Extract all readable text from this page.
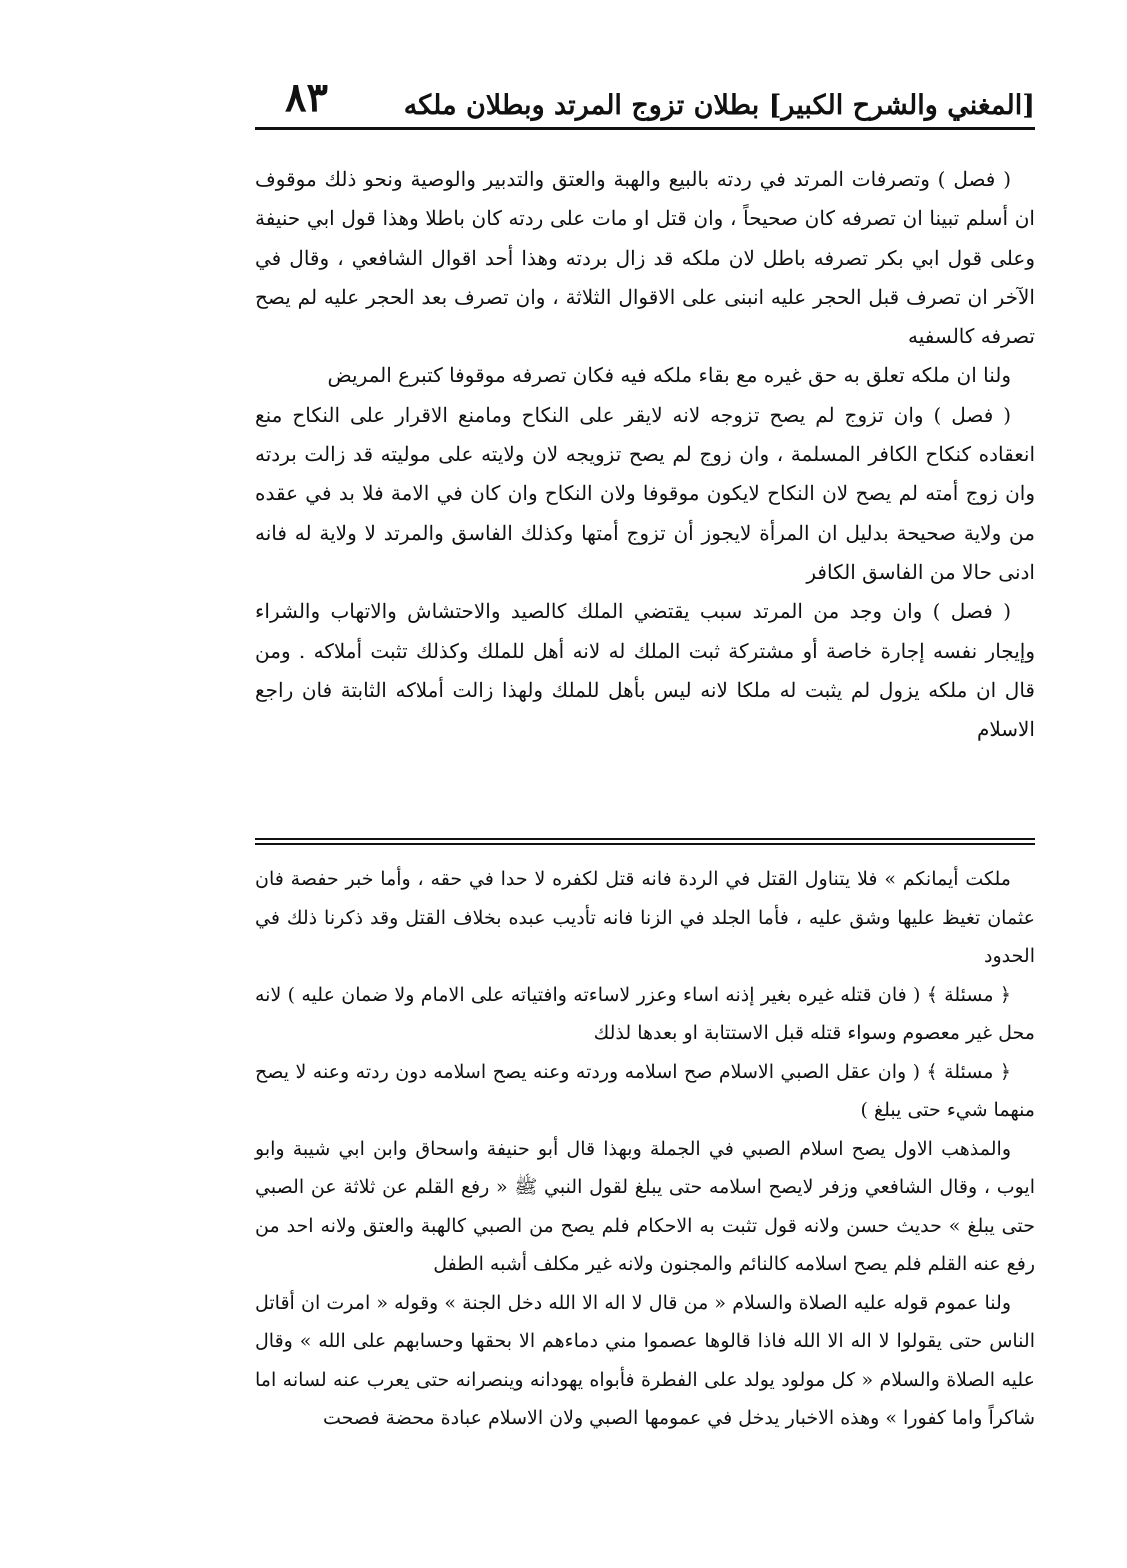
[المغني والشرح الكبير] بطلان تزوج المرتد وبطلان ملكه
٨٣

( فصل ) وتصرفات المرتد في ردته بالبيع والهبة والعتق والتدبير والوصية ونحو ذلك موقوف ان أسلم تبينا ان تصرفه كان صحيحاً ، وان قتل او مات على ردته كان باطلا وهذا قول ابي حنيفة وعلى قول ابي بكر تصرفه باطل لان ملكه قد زال بردته وهذا أحد اقوال الشافعي ، وقال في الآخر ان تصرف قبل الحجر عليه انبنى على الاقوال الثلاثة ، وان تصرف بعد الحجر عليه لم يصح تصرفه كالسفيه

ولنا ان ملكه تعلق به حق غيره مع بقاء ملكه فيه فكان تصرفه موقوفا كتبرع المريض

( فصل ) وان تزوج لم يصح تزوجه لانه لايقر على النكاح ومامنع الاقرار على النكاح منع انعقاده كنكاح الكافر المسلمة ، وان زوج لم يصح تزويجه لان ولايته على موليته قد زالت بردته وان زوج أمته لم يصح لان النكاح لايكون موقوفا ولان النكاح وان كان في الامة فلا بد في عقده من ولاية صحيحة بدليل ان المرأة لايجوز أن تزوج أمتها وكذلك الفاسق والمرتد لا ولاية له فانه ادنى حالا من الفاسق الكافر

( فصل ) وان وجد من المرتد سبب يقتضي الملك كالصيد والاحتشاش والاتهاب والشراء وإيجار نفسه إجارة خاصة أو مشتركة ثبت الملك له لانه أهل للملك وكذلك تثبت أملاكه . ومن قال ان ملكه يزول لم يثبت له ملكا لانه ليس بأهل للملك ولهذا زالت أملاكه الثابتة فان راجع الاسلام

ملكت أيمانكم » فلا يتناول القتل في الردة فانه قتل لكفره لا حدا في حقه ، وأما خبر حفصة فان عثمان تغيظ عليها وشق عليه ، فأما الجلد في الزنا فانه تأديب عبده بخلاف القتل وقد ذكرنا ذلك في الحدود

﴿ مسئلة ﴾ ( فان قتله غيره بغير إذنه اساء وعزر لاساءته وافتياته على الامام ولا ضمان عليه ) لانه محل غير معصوم وسواء قتله قبل الاستتابة او بعدها لذلك

﴿ مسئلة ﴾ ( وان عقل الصبي الاسلام صح اسلامه وردته وعنه يصح اسلامه دون ردته وعنه لا يصح منهما شيء حتى يبلغ )

والمذهب الاول يصح اسلام الصبي في الجملة وبهذا قال أبو حنيفة واسحاق وابن ابي شيبة وابو ايوب ، وقال الشافعي وزفر لايصح اسلامه حتى يبلغ لقول النبي ﷺ « رفع القلم عن ثلاثة عن الصبي حتى يبلغ » حديث حسن ولانه قول تثبت به الاحكام فلم يصح من الصبي كالهبة والعتق ولانه احد من رفع عنه القلم فلم يصح اسلامه كالنائم والمجنون ولانه غير مكلف أشبه الطفل

ولنا عموم قوله عليه الصلاة والسلام « من قال لا اله الا الله دخل الجنة » وقوله « امرت ان أقاتل الناس حتى يقولوا لا اله الا الله فاذا قالوها عصموا مني دماءهم الا بحقها وحسابهم على الله » وقال عليه الصلاة والسلام « كل مولود يولد على الفطرة فأبواه يهودانه وينصرانه حتى يعرب عنه لسانه اما شاكراً واما كفورا » وهذه الاخبار يدخل في عمومها الصبي ولان الاسلام عبادة محضة فصحت
